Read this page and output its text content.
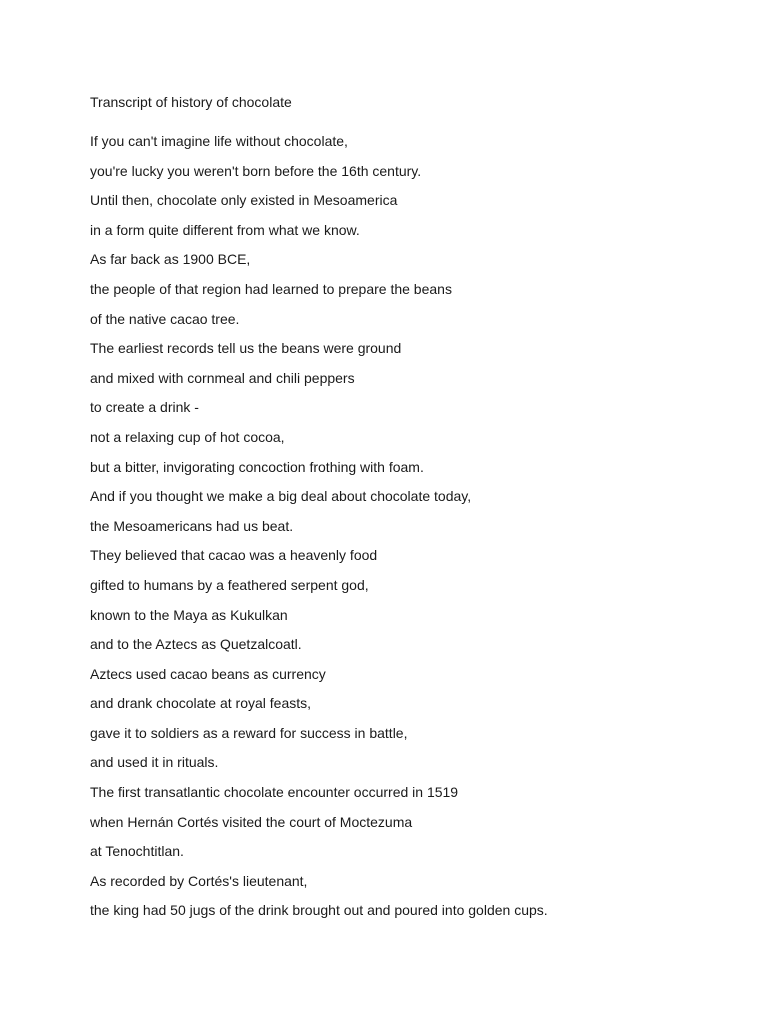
Transcript of history of chocolate
If you can't imagine life without chocolate,
you're lucky you weren't born before the 16th century.
Until then, chocolate only existed in Mesoamerica
in a form quite different from what we know.
As far back as 1900 BCE,
the people of that region had learned to prepare the beans
of the native cacao tree.
The earliest records tell us the beans were ground
and mixed with cornmeal and chili peppers
to create a drink -
not a relaxing cup of hot cocoa,
but a bitter, invigorating concoction frothing with foam.
And if you thought we make a big deal about chocolate today,
the Mesoamericans had us beat.
They believed that cacao was a heavenly food
gifted to humans by a feathered serpent god,
known to the Maya as Kukulkan
and to the Aztecs as Quetzalcoatl.
Aztecs used cacao beans as currency
and drank chocolate at royal feasts,
gave it to soldiers as a reward for success in battle,
and used it in rituals.
The first transatlantic chocolate encounter occurred in 1519
when Hernán Cortés visited the court of Moctezuma
at Tenochtitlan.
As recorded by Cortés's lieutenant,
the king had 50 jugs of the drink brought out and poured into golden cups.
